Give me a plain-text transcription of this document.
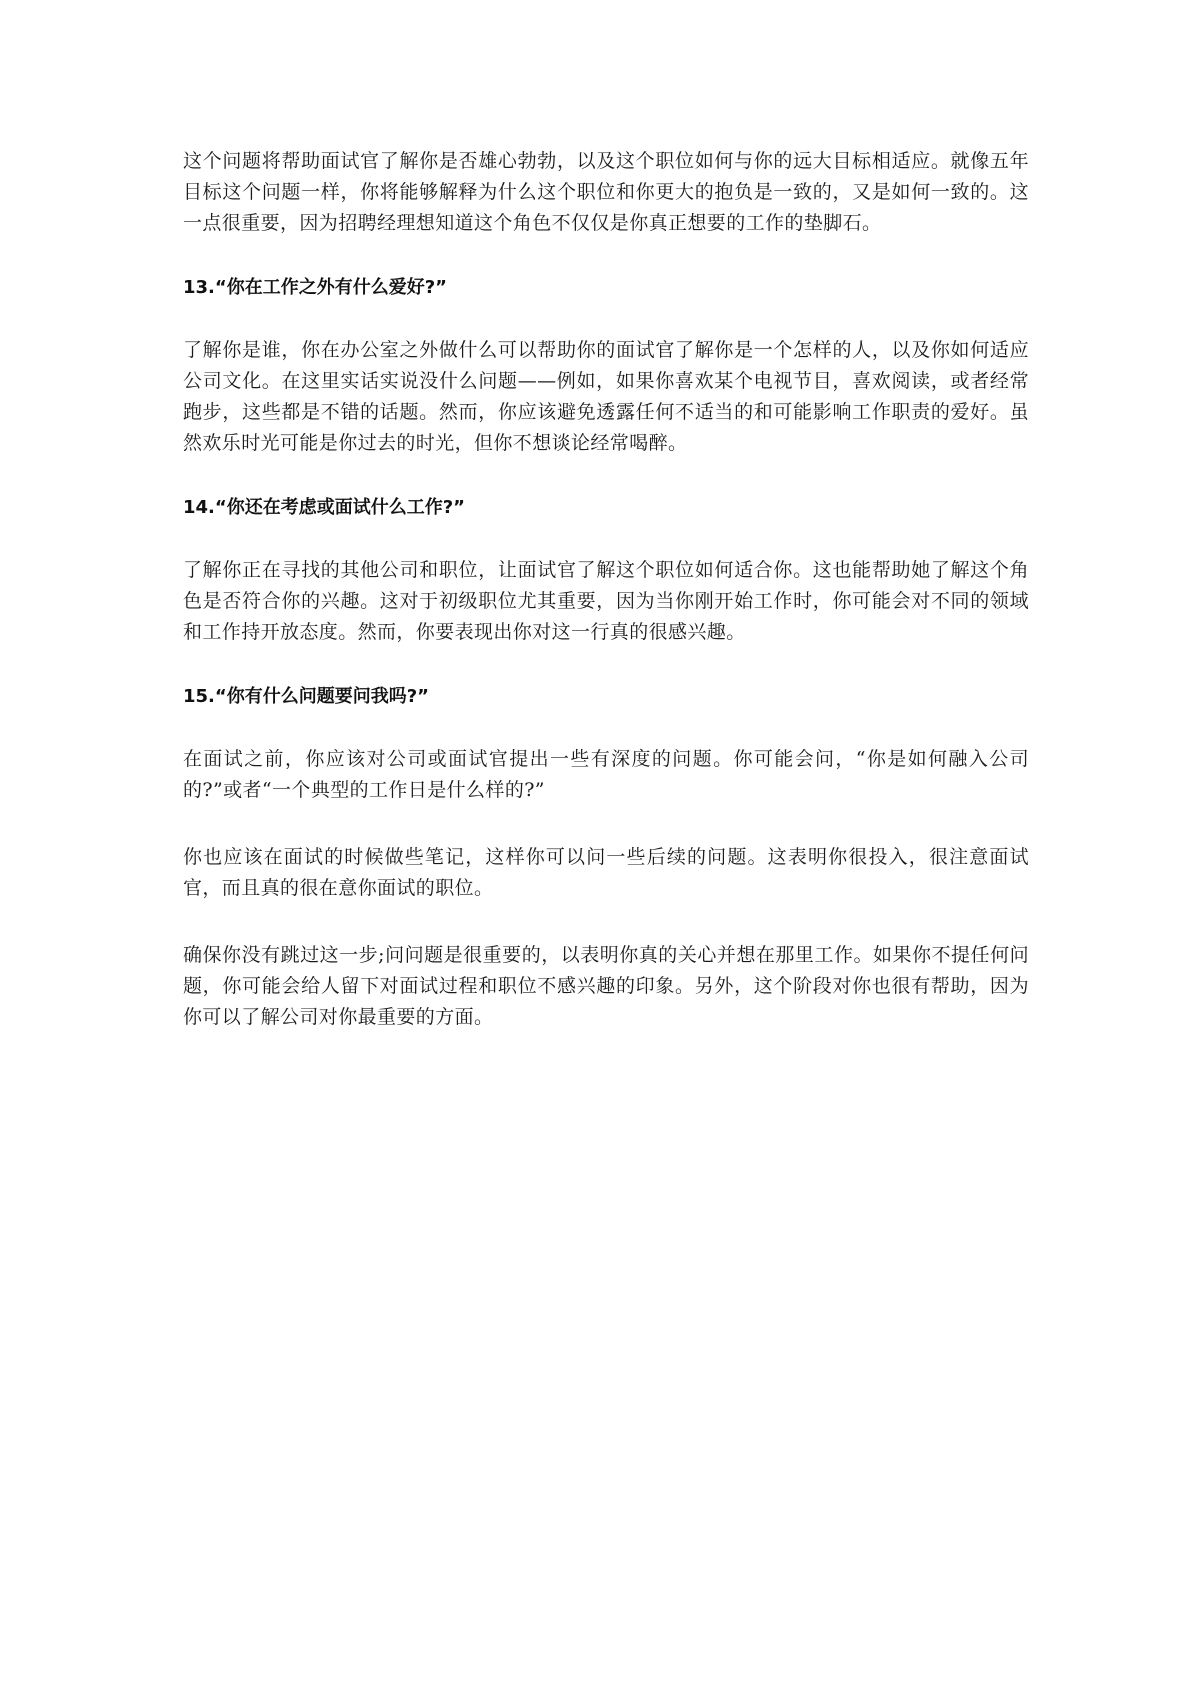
这个问题将帮助面试官了解你是否雄心勃勃，以及这个职位如何与你的远大目标相适应。就像五年目标这个问题一样，你将能够解释为什么这个职位和你更大的抱负是一致的，又是如何一致的。这一点很重要，因为招聘经理想知道这个角色不仅仅是你真正想要的工作的垫脚石。

13.“你在工作之外有什么爱好?”

了解你是谁，你在办公室之外做什么可以帮助你的面试官了解你是一个怎样的人，以及你如何适应公司文化。在这里实话实说没什么问题——例如，如果你喜欢某个电视节目，喜欢阅读，或者经常跑步，这些都是不错的话题。然而，你应该避免透露任何不适当的和可能影响工作职责的爱好。虽然欢乐时光可能是你过去的时光，但你不想谈论经常喝醉。

14.“你还在考虑或面试什么工作?”

了解你正在寻找的其他公司和职位，让面试官了解这个职位如何适合你。这也能帮助她了解这个角色是否符合你的兴趣。这对于初级职位尤其重要，因为当你刚开始工作时，你可能会对不同的领域和工作持开放态度。然而，你要表现出你对这一行真的很感兴趣。

15.“你有什么问题要问我吗?”

在面试之前，你应该对公司或面试官提出一些有深度的问题。你可能会问，“你是如何融入公司的?”或者“一个典型的工作日是什么样的?”

你也应该在面试的时候做些笔记，这样你可以问一些后续的问题。这表明你很投入，很注意面试官，而且真的很在意你面试的职位。

确保你没有跳过这一步;问问题是很重要的，以表明你真的关心并想在那里工作。如果你不提任何问题，你可能会给人留下对面试过程和职位不感兴趣的印象。另外，这个阶段对你也很有帮助，因为你可以了解公司对你最重要的方面。
